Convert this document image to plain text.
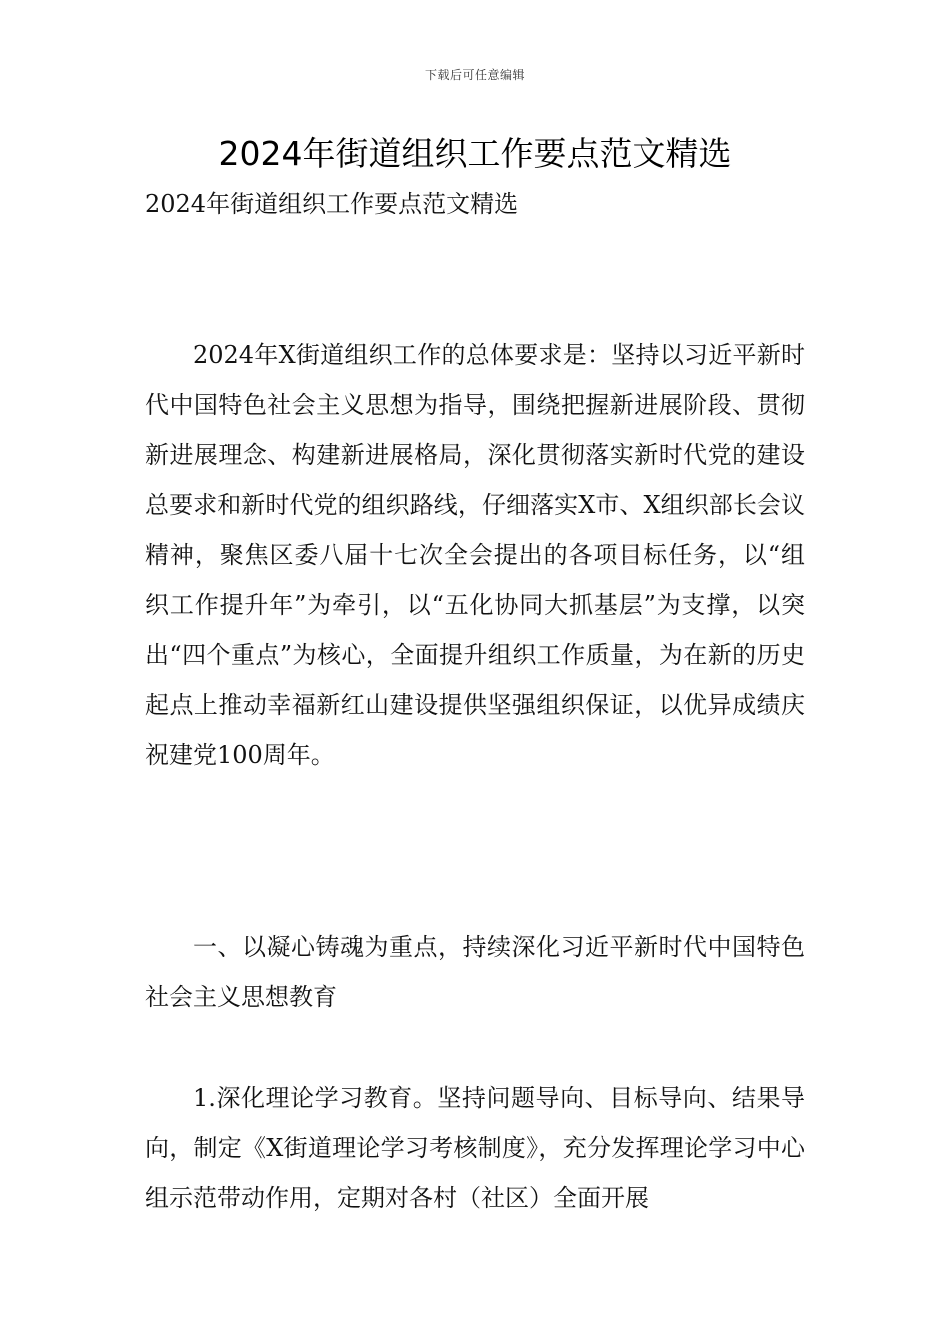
下载后可任意编辑
2024年街道组织工作要点范文精选

2024年街道组织工作要点范文精选

2024年X街道组织工作的总体要求是：坚持以习近平新时代中国特色社会主义思想为指导，围绕把握新进展阶段、贯彻新进展理念、构建新进展格局，深化贯彻落实新时代党的建设总要求和新时代党的组织路线，仔细落实X市、X组织部长会议精神，聚焦区委八届十七次全会提出的各项目标任务，以“组织工作提升年”为牵引，以“五化协同大抓基层”为支撑，以突出“四个重点”为核心，全面提升组织工作质量，为在新的历史起点上推动幸福新红山建设提供坚强组织保证，以优异成绩庆祝建党100周年。

一、以凝心铸魂为重点，持续深化习近平新时代中国特色社会主义思想教育

1.深化理论学习教育。坚持问题导向、目标导向、结果导向，制定《X街道理论学习考核制度》，充分发挥理论学习中心组示范带动作用，定期对各村（社区）全面开展
